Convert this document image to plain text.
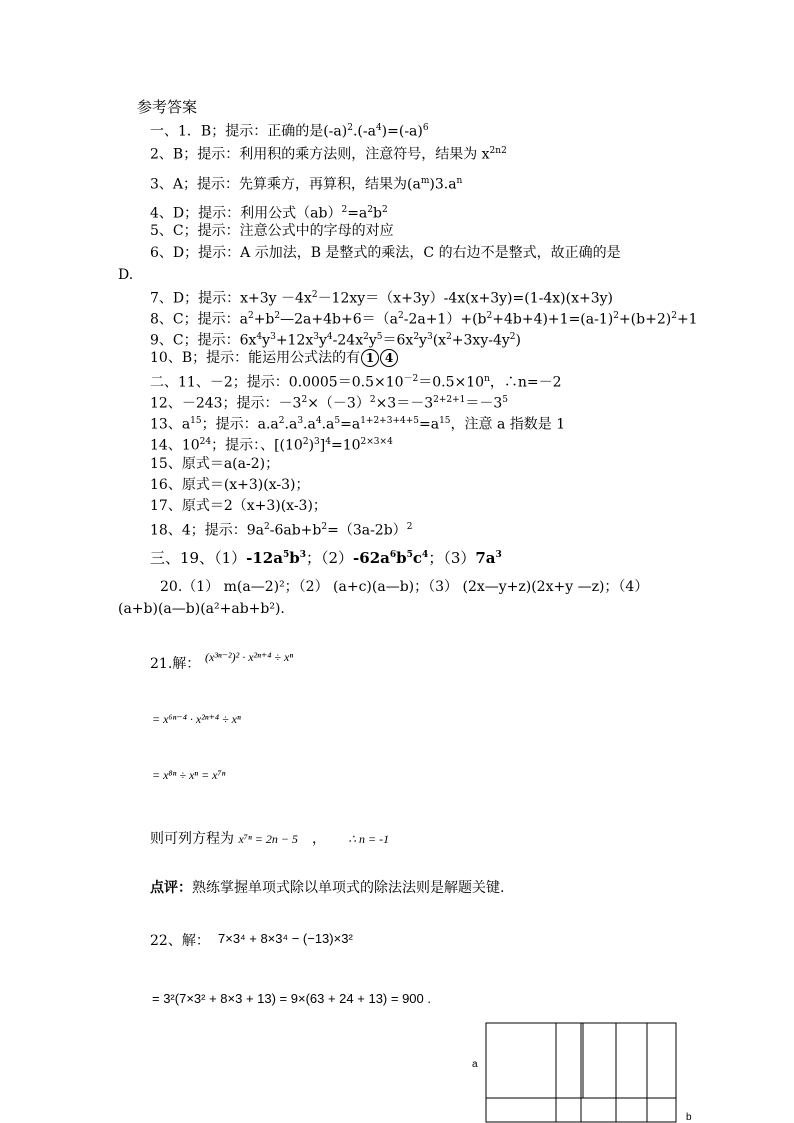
参考答案
一、1．B；提示：正确的是$(-a)^2.(-a^4)=(-a)^6$
2、B；提示：利用积的乘方法则，注意符号，结果为 $x^{2n2}$
3、A；提示：先算乘方，再算积，结果为$(a^m)3.a^n$
4、D；提示：利用公式$(ab)^2=a^2b^2$
5、C；提示：注意公式中的字母的对应
6、D；提示：A 示加法，B 是整式的乘法，C 的右边不是整式，故正确的是
D.
7、D；提示：$x+3y -4x^2-12xy=(x+3y)-4x(x+3y)=(1-4x)(x+3y)$
8、C；提示：$a^2+b^2—2a+4b+6=(a^2-2a+1)+(b^2+4b+4)+1=(a-1)^2+(b+2)^2+1$
9、C；提示：$6x^4y^3+12x^3y^4-24x^2y^5=6x^2y^3(x^2+3xy-4y^2)$
10、B；提示：能运用公式法的有 1 4
二、11、－2；提示：$0.0005=0.5\times 10^{-2}=0.5\times 10^n$，∴n=－2
12、－243；提示：$-3^2\times(-3)^2\times 3=-3^{2+2+1}=-3^5$
13、$a^{15}$；提示：$a.a^2.a^3.a^4.a^5=a^{1+2+3+4+5}=a^{15}$，注意 a 指数是 1
14、$10^{24}$；提示：、$[(10^2)^3]^4=10^{2\times 3\times 4}$
15、原式＝a(a-2)；
16、原式＝(x+3)(x-3)；
17、原式＝2（x+3)(x-3)；
18、4；提示：$9a^2-6ab+b^2=(3a-2b)^2$
三、19、$(1)-12a^5b^3$；$(2)-62a^6b^5c^4$；$(3)7a^3$
20.（1） m(a—2)²；（2） (a+c)(a—b)；（3） (2x—y+z)(2x+y —z)；（4）
(a+b)(a—b)(a²+ab+b²).
21.解： (x³ⁿ⁻²)² · x²ⁿ⁺⁴ ÷ xⁿ
= x⁶ⁿ⁻⁴ · x²ⁿ⁺⁴ ÷ xⁿ
= x⁸ⁿ ÷ xⁿ = x⁷ⁿ
则可列方程为 x⁷ⁿ = 2n − 5 ， ∴ n = -1
点评：熟练掌握单项式除以单项式的除法法则是解题关键.
22、解： 7×3⁴ + 8×3⁴ − (−13)×3²
= 3²(7×3² + 8×3 + 13) = 9×(63 + 24 + 13) = 900 .
a
b
